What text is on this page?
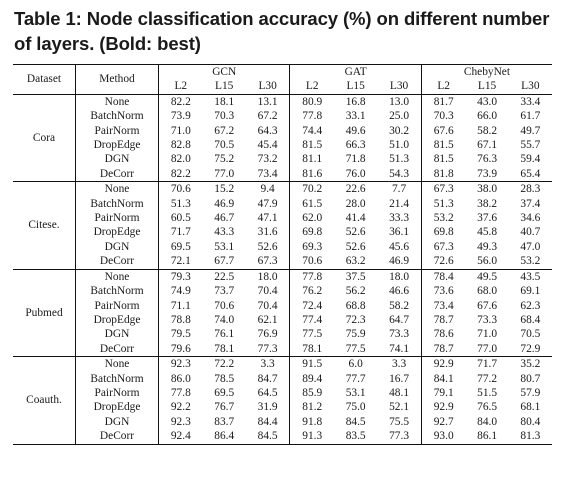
Table 1: Node classification accuracy (%) on different number of layers. (Bold: best)
Dataset	Method	GCN			GAT			ChebyNet		
		L2	L15	L30	L2	L15	L30	L2	L15	L30
Cora	None	82.2	18.1	13.1	80.9	16.8	13.0	81.7	43.0	33.4
	BatchNorm	73.9	70.3	67.2	77.8	33.1	25.0	70.3	66.0	61.7
	PairNorm	71.0	67.2	64.3	74.4	49.6	30.2	67.6	58.2	49.7
	DropEdge	82.8	70.5	45.4	81.5	66.3	51.0	81.5	67.1	55.7
	DGN	82.0	75.2	73.2	81.1	71.8	51.3	81.5	76.3	59.4
	DeCorr	82.2	77.0	73.4	81.6	76.0	54.3	81.8	73.9	65.4
Citese.	None	70.6	15.2	9.4	70.2	22.6	7.7	67.3	38.0	28.3
	BatchNorm	51.3	46.9	47.9	61.5	28.0	21.4	51.3	38.2	37.4
	PairNorm	60.5	46.7	47.1	62.0	41.4	33.3	53.2	37.6	34.6
	DropEdge	71.7	43.3	31.6	69.8	52.6	36.1	69.8	45.8	40.7
	DGN	69.5	53.1	52.6	69.3	52.6	45.6	67.3	49.3	47.0
	DeCorr	72.1	67.7	67.3	70.6	63.2	46.9	72.6	56.0	53.2
Pubmed	None	79.3	22.5	18.0	77.8	37.5	18.0	78.4	49.5	43.5
	BatchNorm	74.9	73.7	70.4	76.2	56.2	46.6	73.6	68.0	69.1
	PairNorm	71.1	70.6	70.4	72.4	68.8	58.2	73.4	67.6	62.3
	DropEdge	78.8	74.0	62.1	77.4	72.3	64.7	78.7	73.3	68.4
	DGN	79.5	76.1	76.9	77.5	75.9	73.3	78.6	71.0	70.5
	DeCorr	79.6	78.1	77.3	78.1	77.5	74.1	78.7	77.0	72.9
Coauth.	None	92.3	72.2	3.3	91.5	6.0	3.3	92.9	71.7	35.2
	BatchNorm	86.0	78.5	84.7	89.4	77.7	16.7	84.1	77.2	80.7
	PairNorm	77.8	69.5	64.5	85.9	53.1	48.1	79.1	51.5	57.9
	DropEdge	92.2	76.7	31.9	81.2	75.0	52.1	92.9	76.5	68.1
	DGN	92.3	83.7	84.4	91.8	84.5	75.5	92.7	84.0	80.4
	DeCorr	92.4	86.4	84.5	91.3	83.5	77.3	93.0	86.1	81.3
